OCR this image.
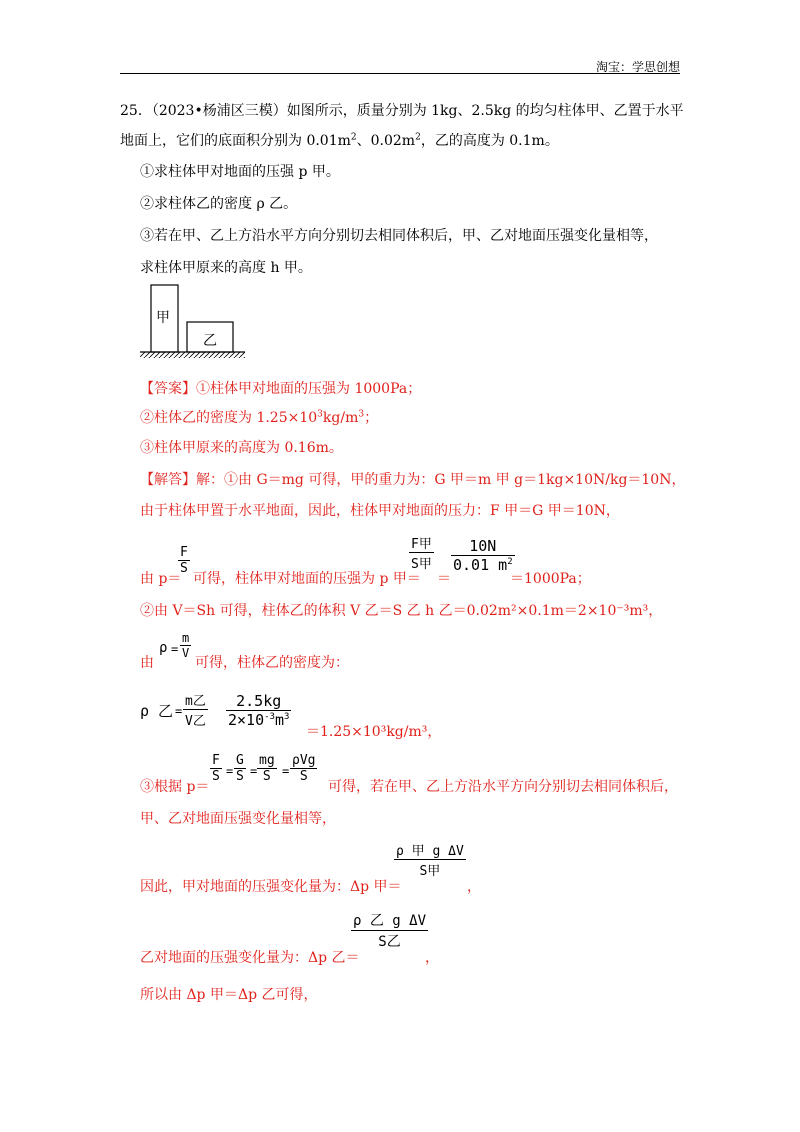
淘宝：学思创想
25．（2023•杨浦区三模）如图所示，质量分别为 1kg、2.5kg 的均匀柱体甲、乙置于水平
地面上，它们的底面积分别为 $0.01m^2$、$0.02m^2$，乙的高度为 0.1m。
①求柱体甲对地面的压强 p 甲。
②求柱体乙的密度 ρ 乙。
③若在甲、乙上方沿水平方向分别切去相同体积后，甲、乙对地面压强变化量相等，
求柱体甲原来的高度 h 甲。
甲
乙
【答案】①柱体甲对地面的压强为 1000Pa；
②柱体乙的密度为 $1.25\times 10^3kg/m^3$；
③柱体甲原来的高度为 0.16m。
【解答】解：①由 G＝mg 可得，甲的重力为：G 甲＝m 甲 g＝1kg×10N/kg＝10N，
由于柱体甲置于水平地面，因此，柱体甲对地面的压力：F 甲＝G 甲＝10N，
由 p＝
F
S
可得，柱体甲对地面的压强为 p 甲＝
F甲
S甲
＝
10N
0.01 $m^2$
＝1000Pa；
②由 V＝Sh 可得，柱体乙的体积 V 乙＝S 乙 h 乙＝0.02m²×0.1m＝2×10⁻³m³，
由
ρ =
m
V
可得，柱体乙的密度为：
ρ 乙 =
m乙
V乙
2.5kg
$2\times 10^{-3}m^3$
＝1.25×10³kg/m³，
③根据 p＝
F
S =
G
S =
mg
S =
ρVg
S
可得，若在甲、乙上方沿水平方向分别切去相同体积后，
甲、乙对地面压强变化量相等，
因此，甲对地面的压强变化量为：Δp 甲＝
ρ 甲 g ΔV
S甲
，
乙对地面的压强变化量为：Δp 乙＝
ρ 乙 g ΔV
S乙
，
所以由 Δp 甲＝Δp 乙可得，
